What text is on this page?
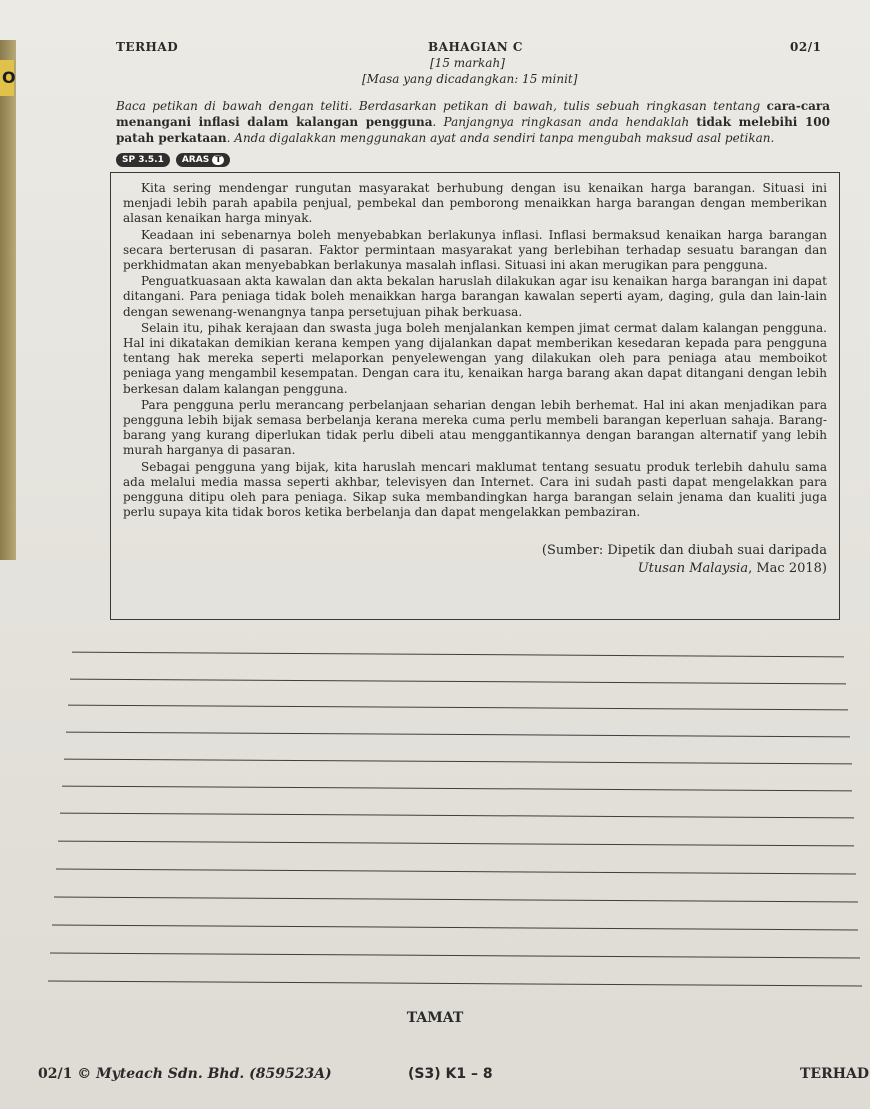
O
TERHAD	BAHAGIAN C	02/1
[15 markah]
[Masa yang dicadangkan: 15 minit]
Baca petikan di bawah dengan teliti. Berdasarkan petikan di bawah, tulis sebuah ringkasan tentang cara-cara menangani inflasi dalam kalangan pengguna. Panjangnya ringkasan anda hendaklah tidak melebihi 100 patah perkataan. Anda digalakkan menggunakan ayat anda sendiri tanpa mengubah maksud asal petikan.
SP 3.5.1	ARAS T

Kita sering mendengar rungutan masyarakat berhubung dengan isu kenaikan harga barangan. Situasi ini menjadi lebih parah apabila penjual, pembekal dan pemborong menaikkan harga barangan dengan memberikan alasan kenaikan harga minyak.

Keadaan ini sebenarnya boleh menyebabkan berlakunya inflasi. Inflasi bermaksud kenaikan harga barangan secara berterusan di pasaran. Faktor permintaan masyarakat yang berlebihan terhadap sesuatu barangan dan perkhidmatan akan menyebabkan berlakunya masalah inflasi. Situasi ini akan merugikan para pengguna.

Penguatkuasaan akta kawalan dan akta bekalan haruslah dilakukan agar isu kenaikan harga barangan ini dapat ditangani. Para peniaga tidak boleh menaikkan harga barangan kawalan seperti ayam, daging, gula dan lain-lain dengan sewenang-wenangnya tanpa persetujuan pihak berkuasa.

Selain itu, pihak kerajaan dan swasta juga boleh menjalankan kempen jimat cermat dalam kalangan pengguna. Hal ini dikatakan demikian kerana kempen yang dijalankan dapat memberikan kesedaran kepada para pengguna tentang hak mereka seperti melaporkan penyelewengan yang dilakukan oleh para peniaga atau memboikot peniaga yang mengambil kesempatan. Dengan cara itu, kenaikan harga barang akan dapat ditangani dengan lebih berkesan dalam kalangan pengguna.

Para pengguna perlu merancang perbelanjaan seharian dengan lebih berhemat. Hal ini akan menjadikan para pengguna lebih bijak semasa berbelanja kerana mereka cuma perlu membeli barangan keperluan sahaja. Barang-barang yang kurang diperlukan tidak perlu dibeli atau menggantikannya dengan barangan alternatif yang lebih murah harganya di pasaran.

Sebagai pengguna yang bijak, kita haruslah mencari maklumat tentang sesuatu produk terlebih dahulu sama ada melalui media massa seperti akhbar, televisyen dan Internet. Cara ini sudah pasti dapat mengelakkan para pengguna ditipu oleh para peniaga. Sikap suka membandingkan harga barangan selain jenama dan kualiti juga perlu supaya kita tidak boros ketika berbelanja dan dapat mengelakkan pembaziran.

(Sumber: Dipetik dan diubah suai daripada
Utusan Malaysia, Mac 2018)
TAMAT
02/1 © Myteach Sdn. Bhd. (859523A)	(S3) K1 – 8	TERHAD
